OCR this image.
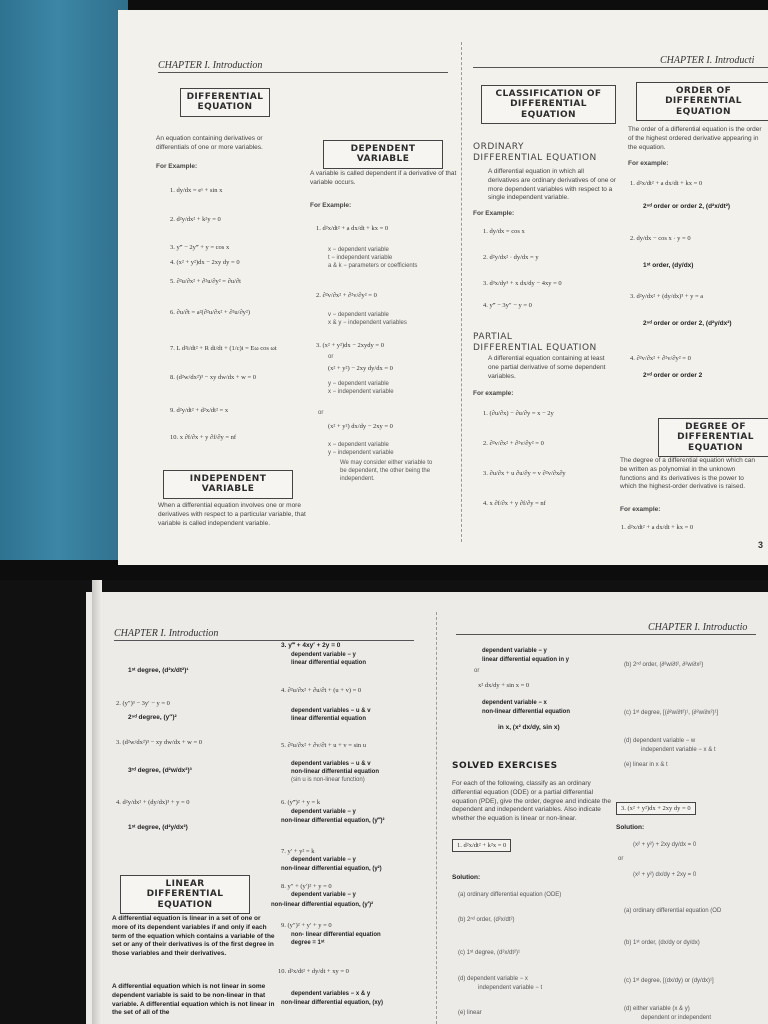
CHAPTER I. Introduction	CHAPTER I. Introducti
DIFFERENTIAL
EQUATION
An equation containing derivatives or differentials of one or more variables.
For Example:
1. dy/dx = eˣ + sin x
2. d²y/dx² + k²y = 0
3. y‴ − 2y‴ + y = cos x
4. (x² + y²)dx − 2xy dy = 0
5. ∂²u/∂x² + ∂²u/∂y² = ∂u/∂t
6. ∂u/∂t = a²(∂²u/∂x² + ∂²u/∂y²)
7. L d²i/dt² + R di/dt + (1/c)i = Eω cos ωt
8. (d²w/dx²)³ − xy dw/dx + w = 0
9. d²y/dt² + d²x/dt² = x
10. x ∂f/∂x + y ∂f/∂y = nf
INDEPENDENT VARIABLE
When a differential equation involves one or more derivatives with respect to a particular variable, that variable is called independent variable.
DEPENDENT VARIABLE
A variable is called dependent if a derivative of that variable occurs.
For Example:
1. d²x/dt² + a dx/dt + kx = 0
x − dependent variable
t − independent variable
a & k − parameters or coefficients
2. ∂²v/∂x² + ∂²v/∂y² = 0
v − dependent variable
x & y − independent variables
3. (x² + y²)dx − 2xydy = 0
or
(x² + y²) − 2xy dy/dx = 0
y − dependent variable
x − independent variable
or
(x² + y²) dx/dy − 2xy = 0
x − dependent variable
y − independent variable
We may consider either variable to
be dependent, the other being the
independent.
CLASSIFICATION OF
DIFFERENTIAL EQUATION
ORDINARY
DIFFERENTIAL EQUATION
A differential equation in which all derivatives are ordinary derivatives of one or more dependent variables with respect to a single independent variable.
For Example:
1. dy/dx = cos x
2. d²y/dx² · dy/dx = y
3. d³x/dy³ + x dx/dy − 4xy = 0
4. y‴ − 3y″ − y = 0
PARTIAL
DIFFERENTIAL EQUATION
A differential equation containing at least one partial derivative of some dependent variables.
For example:
1. (∂u/∂x) − ∂u/∂y = x − 2y
2. ∂²v/∂x² + ∂²v/∂y² = 0
3. ∂u/∂x + u ∂u/∂y = v ∂²v/∂x∂y
4. x ∂f/∂x + y ∂f/∂y = nf
ORDER OF
DIFFERENTIAL EQUATION
The order of a differential equation is the order of the highest ordered derivative appearing in the equation.
For example:
1. d²x/dt² + a dx/dt + kx = 0
2ⁿᵈ order or order 2, (d²x/dt²)
2. dy/dx − cos x · y = 0
1ˢᵗ order, (dy/dx)
3. d²y/dx² + (dy/dx)³ + y = a
2ⁿᵈ order or order 2, (d²y/dx²)
4. ∂²v/∂x² + ∂²v/∂y² = 0
2ⁿᵈ order or order 2
DEGREE OF DIFFERENTIAL
EQUATION
The degree of a differential equation which can be written as polynomial in the unknown functions and its derivatives is the power to which the highest-order derivative is raised.
For example:
1. d²x/dt² + a dx/dt + kx = 0
3
CHAPTER I. Introduction
CHAPTER I. Introductio
1ˢᵗ degree, (d²x/dt²)¹
2. (y″)³ − 3y′ − y = 0
2ⁿᵈ degree, (y″)²
3. (d²w/dx²)³ − xy dw/dx + w = 0
3ʳᵈ degree, (d²w/dx²)³
4. d²y/dx² + (dy/dx)³ + y = 0
1ˢᵗ degree, (d²y/dx²)
LINEAR
DIFFERENTIAL EQUATION
A differential equation is linear in a set of one or more of its dependent variables if and only if each term of the equation which contains a variable of the set or any of their derivatives is of the first degree in those variables and their derivatives.
A differential equation which is not linear in some dependent variable is said to be non-linear in that variable. A differential equation which is not linear in the set of all of the
3. y‴ + 4xy′ + 2y = 0
dependent variable − y
linear differential equation
4. ∂²u/∂x² + ∂u/∂t + (u + v) = 0
dependent variables − u & v
linear differential equation
5. ∂²u/∂x² + ∂v/∂t + u + v = sin u
dependent variables − u & v
non-linear differential equation
(sin u is non-linear function)
6. (y‴)² + y = k
dependent variable − y
non-linear differential equation, (y‴)²
7. y′ + y² = k
dependent variable − y
non-linear differential equation, (y²)
8. y″ + (y′)² + y = 0
dependent variable − y
non-linear differential equation, (y′)²
9. (y″)² + y′ + y = 0
non- linear differential equation
degree = 1ˢᵗ
10. d²x/dt² + dy/dt + xy = 0
dependent variables − x & y
non-linear differential equation, (xy)
dependent variable − y
linear differential equation in y
or
x² dx/dy + sin x = 0
dependent variable − x
non-linear differential equation
in x, (x² dx/dy, sin x)
SOLVED EXERCISES
For each of the following, classify as an ordinary differential equation (ODE) or a partial differential equation (PDE), give the order, degree and indicate the dependent and independent variables. Also indicate whether the equation is linear or non-linear.
1. d²x/dt² + k²x = 0
Solution:
(a) ordinary differential equation (ODE)
(b) 2ⁿᵈ order, (d²x/dt²)
(c) 1ˢᵗ degree, (d²x/dt²)¹
(d) dependent variable − x
independent variable − t
(e) linear
(b) 2ⁿᵈ order, (∂²w/∂t², ∂²w/∂x²)
(c) 1ˢᵗ degree, [(∂²w/∂t²)¹, (∂²w/∂x²)¹]
(d) dependent variable − w
independent variable − x & t
(e) linear in x & t
3. (x² + y²)dx + 2xy dy = 0
Solution:
(x² + y²) + 2xy dy/dx = 0
or
(x² + y²) dx/dy + 2xy = 0
(a) ordinary differential equation (OD
(b) 1ˢᵗ order, (dx/dy or dy/dx)
(c) 1ˢᵗ degree, [(dx/dy) or (dy/dx)¹]
(d) either variable (x & y)
dependent or independent
